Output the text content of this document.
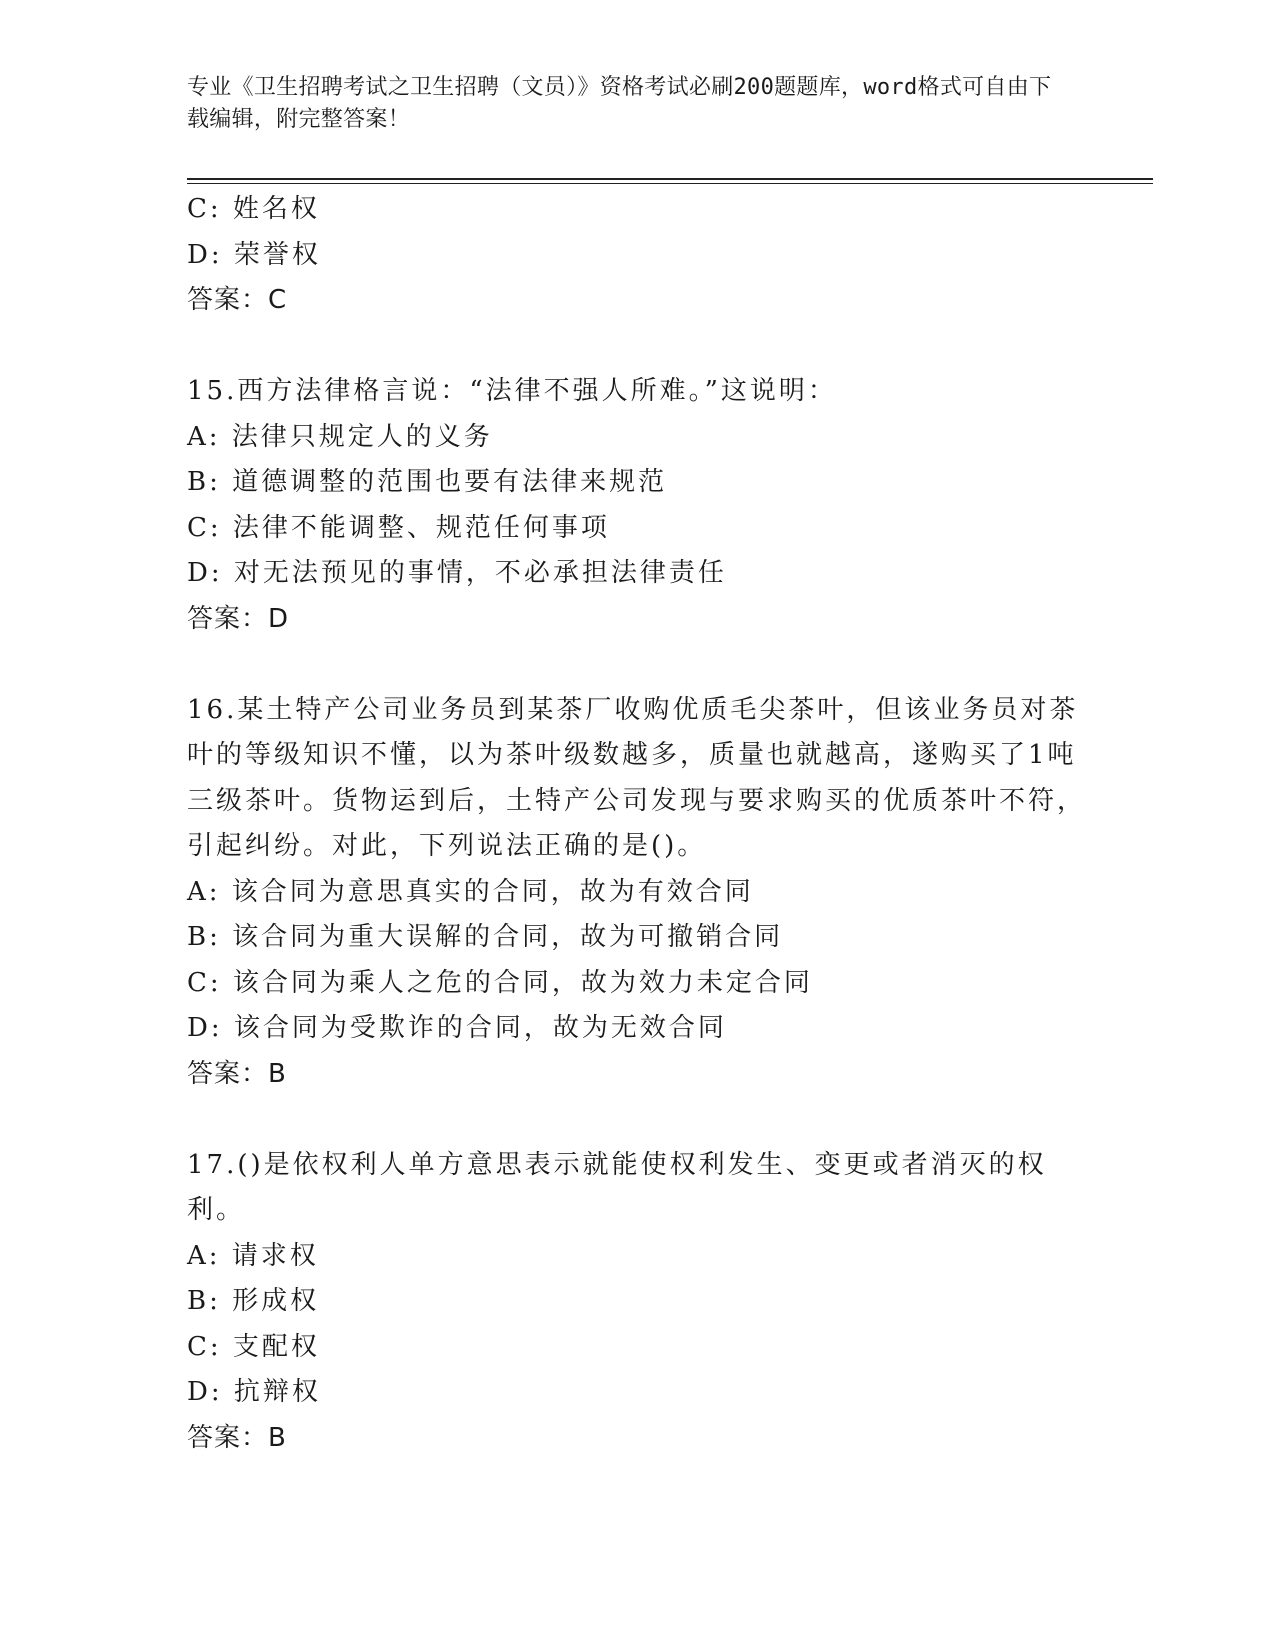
专业《卫生招聘考试之卫生招聘（文员）》资格考试必刷200题题库，word格式可自由下载编辑，附完整答案！
C: 姓名权
D: 荣誉权
答案：C
15.西方法律格言说：“法律不强人所难。”这说明：
A: 法律只规定人的义务
B: 道德调整的范围也要有法律来规范
C: 法律不能调整、规范任何事项
D: 对无法预见的事情，不必承担法律责任
答案：D
16.某土特产公司业务员到某茶厂收购优质毛尖茶叶，但该业务员对茶叶的等级知识不懂，以为茶叶级数越多，质量也就越高，遂购买了1吨三级茶叶。货物运到后，土特产公司发现与要求购买的优质茶叶不符，引起纠纷。对此，下列说法正确的是()。
A: 该合同为意思真实的合同，故为有效合同
B: 该合同为重大误解的合同，故为可撤销合同
C: 该合同为乘人之危的合同，故为效力未定合同
D: 该合同为受欺诈的合同，故为无效合同
答案：B
17.()是依权利人单方意思表示就能使权利发生、变更或者消灭的权利。
A: 请求权
B: 形成权
C: 支配权
D: 抗辩权
答案：B
